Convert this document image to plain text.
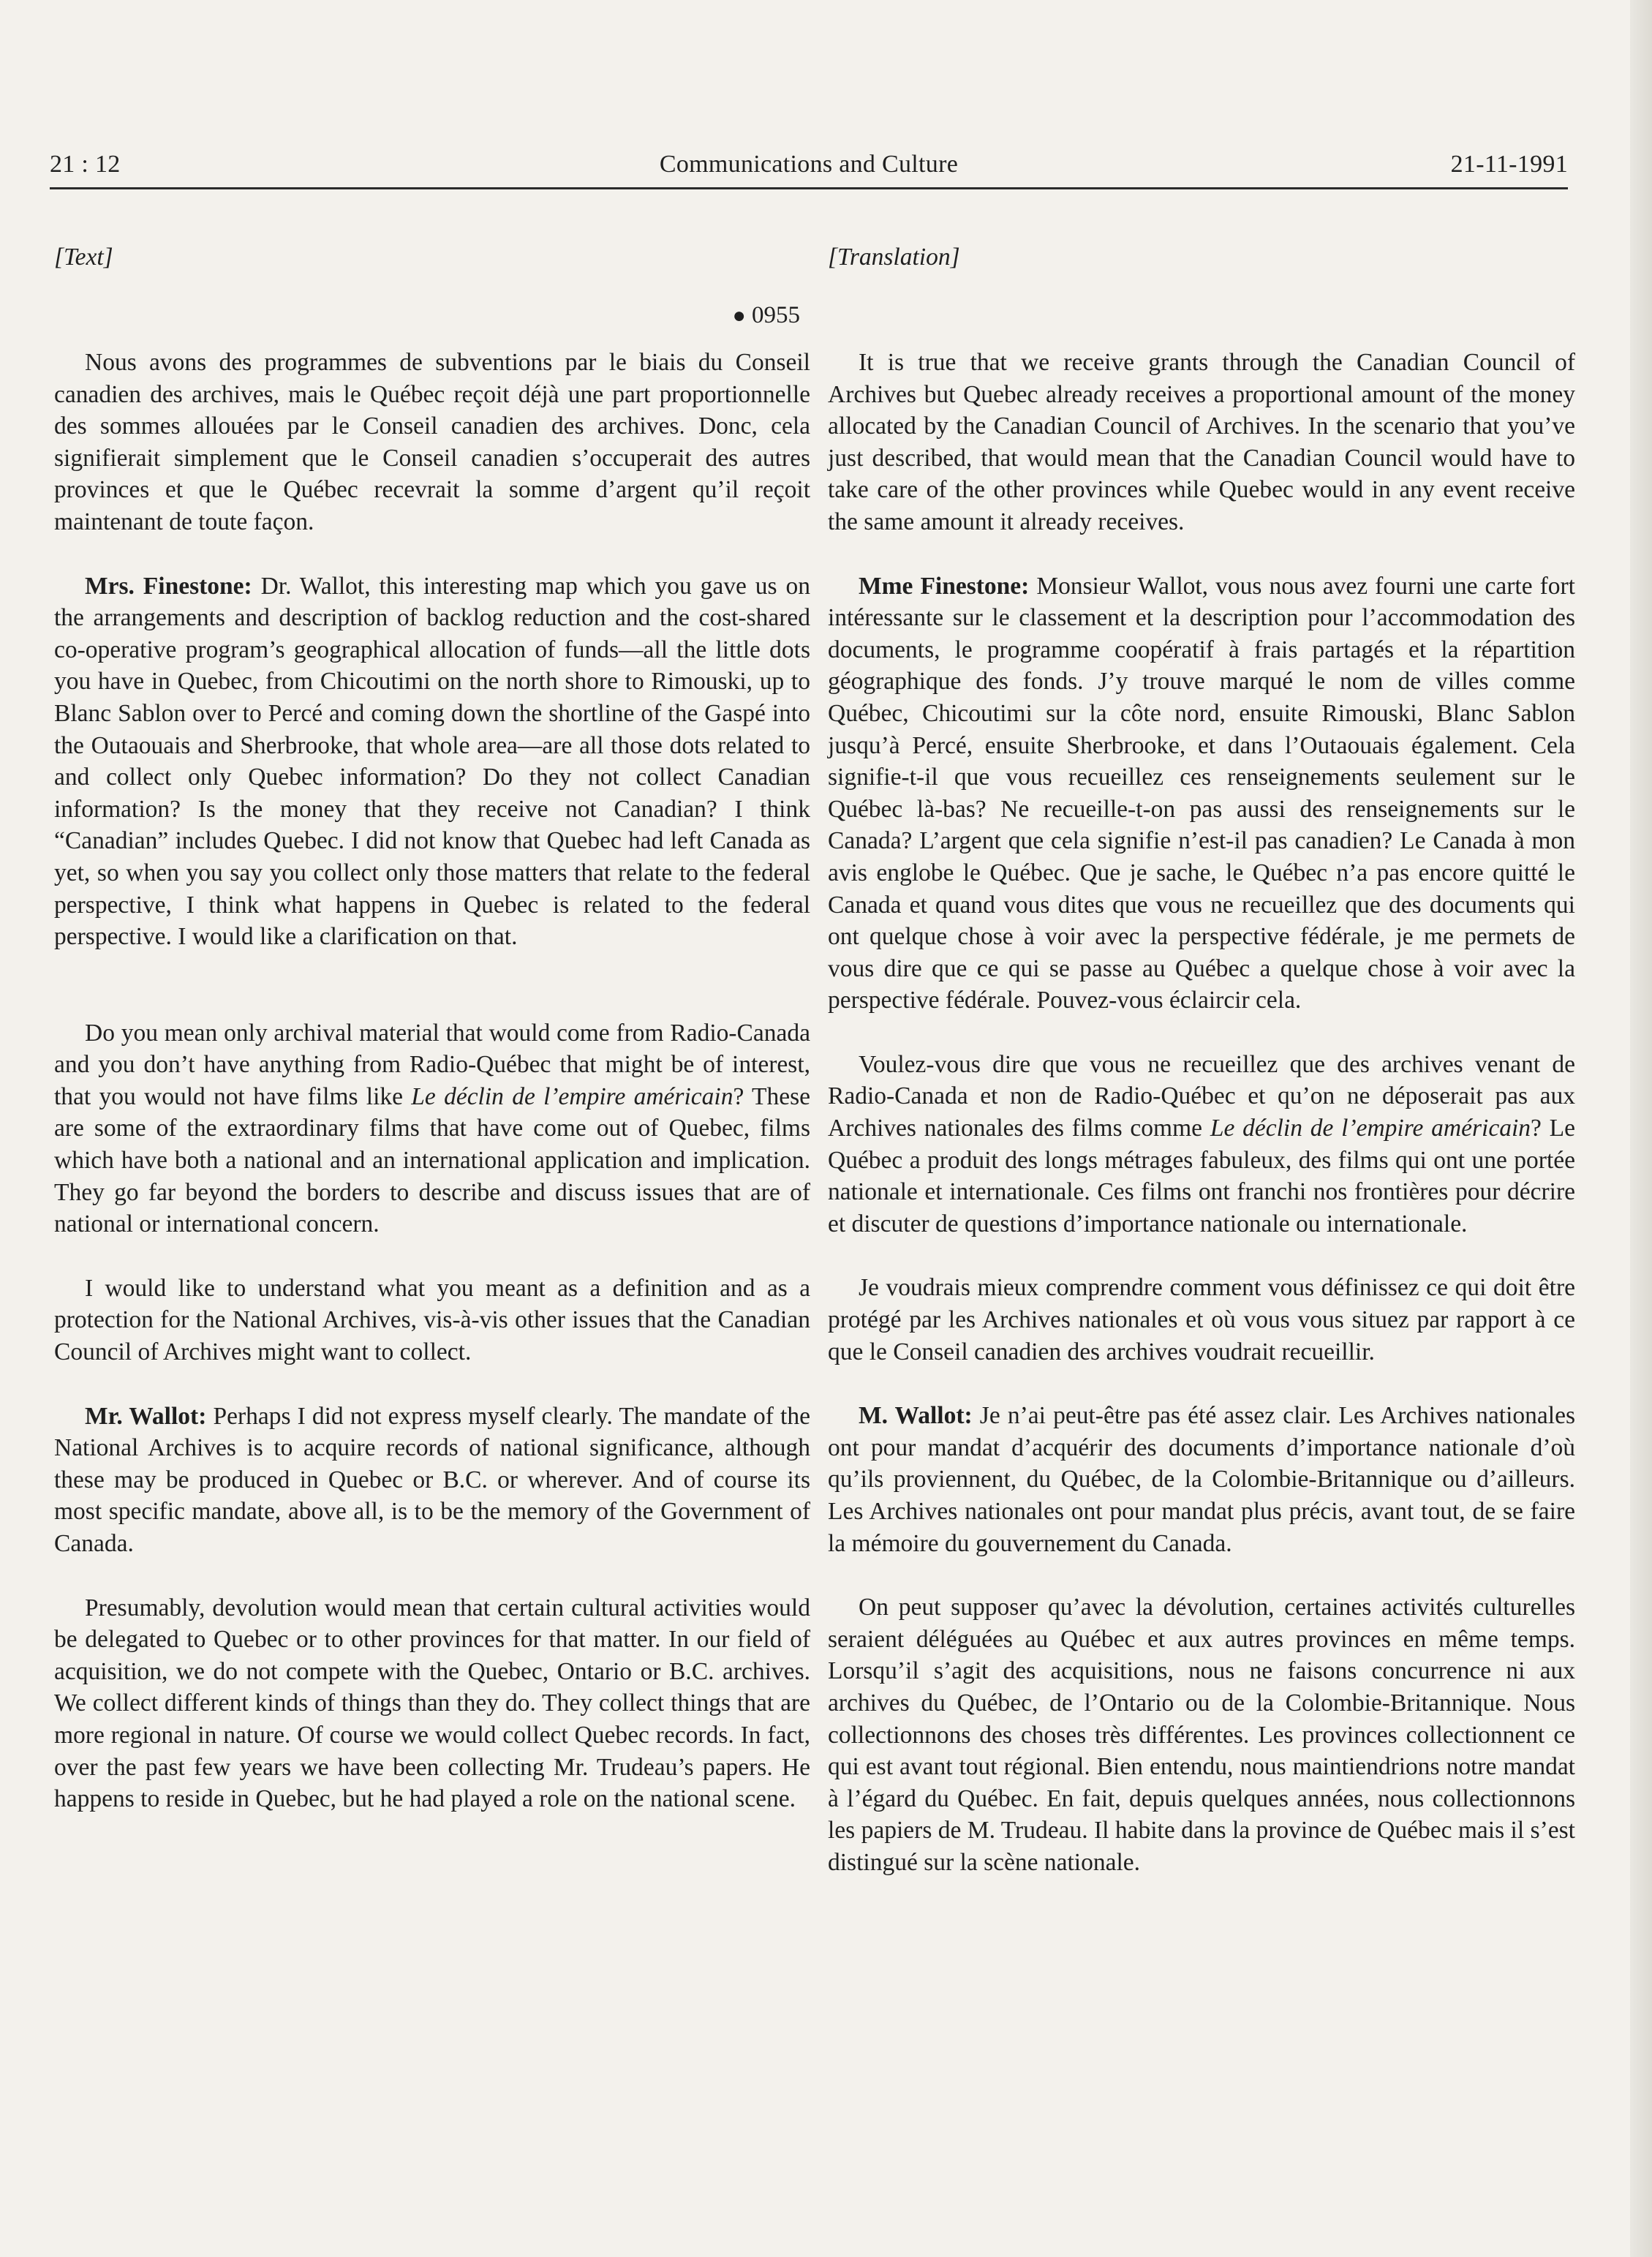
21 : 12	Communications and Culture	21-11-1991
[Text]
● 0955

Nous avons des programmes de subventions par le biais du Conseil canadien des archives, mais le Québec reçoit déjà une part proportionnelle des sommes allouées par le Conseil canadien des archives. Donc, cela signifierait simplement que le Conseil canadien s’occuperait des autres provinces et que le Québec recevrait la somme d’argent qu’il reçoit maintenant de toute façon.

Mrs. Finestone: Dr. Wallot, this interesting map which you gave us on the arrangements and description of backlog reduction and the cost-shared co-operative program’s geographical allocation of funds—all the little dots you have in Quebec, from Chicoutimi on the north shore to Rimouski, up to Blanc Sablon over to Percé and coming down the shortline of the Gaspé into the Outaouais and Sherbrooke, that whole area—are all those dots related to and collect only Quebec information? Do they not collect Canadian information? Is the money that they receive not Canadian? I think “Canadian” includes Quebec. I did not know that Quebec had left Canada as yet, so when you say you collect only those matters that relate to the federal perspective, I think what happens in Quebec is related to the federal perspective. I would like a clarification on that.

Do you mean only archival material that would come from Radio-Canada and you don’t have anything from Radio-Québec that might be of interest, that you would not have films like Le déclin de l’empire américain? These are some of the extraordinary films that have come out of Quebec, films which have both a national and an international application and implication. They go far beyond the borders to describe and discuss issues that are of national or international concern.

I would like to understand what you meant as a definition and as a protection for the National Archives, vis-à-vis other issues that the Canadian Council of Archives might want to collect.

Mr. Wallot: Perhaps I did not express myself clearly. The mandate of the National Archives is to acquire records of national significance, although these may be produced in Quebec or B.C. or wherever. And of course its most specific mandate, above all, is to be the memory of the Government of Canada.

Presumably, devolution would mean that certain cultural activities would be delegated to Quebec or to other provinces for that matter. In our field of acquisition, we do not compete with the Quebec, Ontario or B.C. archives. We collect different kinds of things than they do. They collect things that are more regional in nature. Of course we would collect Quebec records. In fact, over the past few years we have been collecting Mr. Trudeau’s papers. He happens to reside in Quebec, but he had played a role on the national scene.

[Translation]

It is true that we receive grants through the Canadian Council of Archives but Quebec already receives a proportional amount of the money allocated by the Canadian Council of Archives. In the scenario that you’ve just described, that would mean that the Canadian Council would have to take care of the other provinces while Quebec would in any event receive the same amount it already receives.

Mme Finestone: Monsieur Wallot, vous nous avez fourni une carte fort intéressante sur le classement et la description pour l’accommodation des documents, le programme coopératif à frais partagés et la répartition géographique des fonds. J’y trouve marqué le nom de villes comme Québec, Chicoutimi sur la côte nord, ensuite Rimouski, Blanc Sablon jusqu’à Percé, ensuite Sherbrooke, et dans l’Outaouais également. Cela signifie-t-il que vous recueillez ces renseignements seulement sur le Québec là-bas? Ne recueille-t-on pas aussi des renseignements sur le Canada? L’argent que cela signifie n’est-il pas canadien? Le Canada à mon avis englobe le Québec. Que je sache, le Québec n’a pas encore quitté le Canada et quand vous dites que vous ne recueillez que des documents qui ont quelque chose à voir avec la perspective fédérale, je me permets de vous dire que ce qui se passe au Québec a quelque chose à voir avec la perspective fédérale. Pouvez-vous éclaircir cela.

Voulez-vous dire que vous ne recueillez que des archives venant de Radio-Canada et non de Radio-Québec et qu’on ne déposerait pas aux Archives nationales des films comme Le déclin de l’empire américain? Le Québec a produit des longs métrages fabuleux, des films qui ont une portée nationale et internationale. Ces films ont franchi nos frontières pour décrire et discuter de questions d’importance nationale ou internationale.

Je voudrais mieux comprendre comment vous définissez ce qui doit être protégé par les Archives nationales et où vous vous situez par rapport à ce que le Conseil canadien des archives voudrait recueillir.

M. Wallot: Je n’ai peut-être pas été assez clair. Les Archives nationales ont pour mandat d’acquérir des documents d’importance nationale d’où qu’ils proviennent, du Québec, de la Colombie-Britannique ou d’ailleurs. Les Archives nationales ont pour mandat plus précis, avant tout, de se faire la mémoire du gouvernement du Canada.

On peut supposer qu’avec la dévolution, certaines activités culturelles seraient déléguées au Québec et aux autres provinces en même temps. Lorsqu’il s’agit des acquisitions, nous ne faisons concurrence ni aux archives du Québec, de l’Ontario ou de la Colombie-Britannique. Nous collectionnons des choses très différentes. Les provinces collectionnent ce qui est avant tout régional. Bien entendu, nous maintiendrions notre mandat à l’égard du Québec. En fait, depuis quelques années, nous collectionnons les papiers de M. Trudeau. Il habite dans la province de Québec mais il s’est distingué sur la scène nationale.
